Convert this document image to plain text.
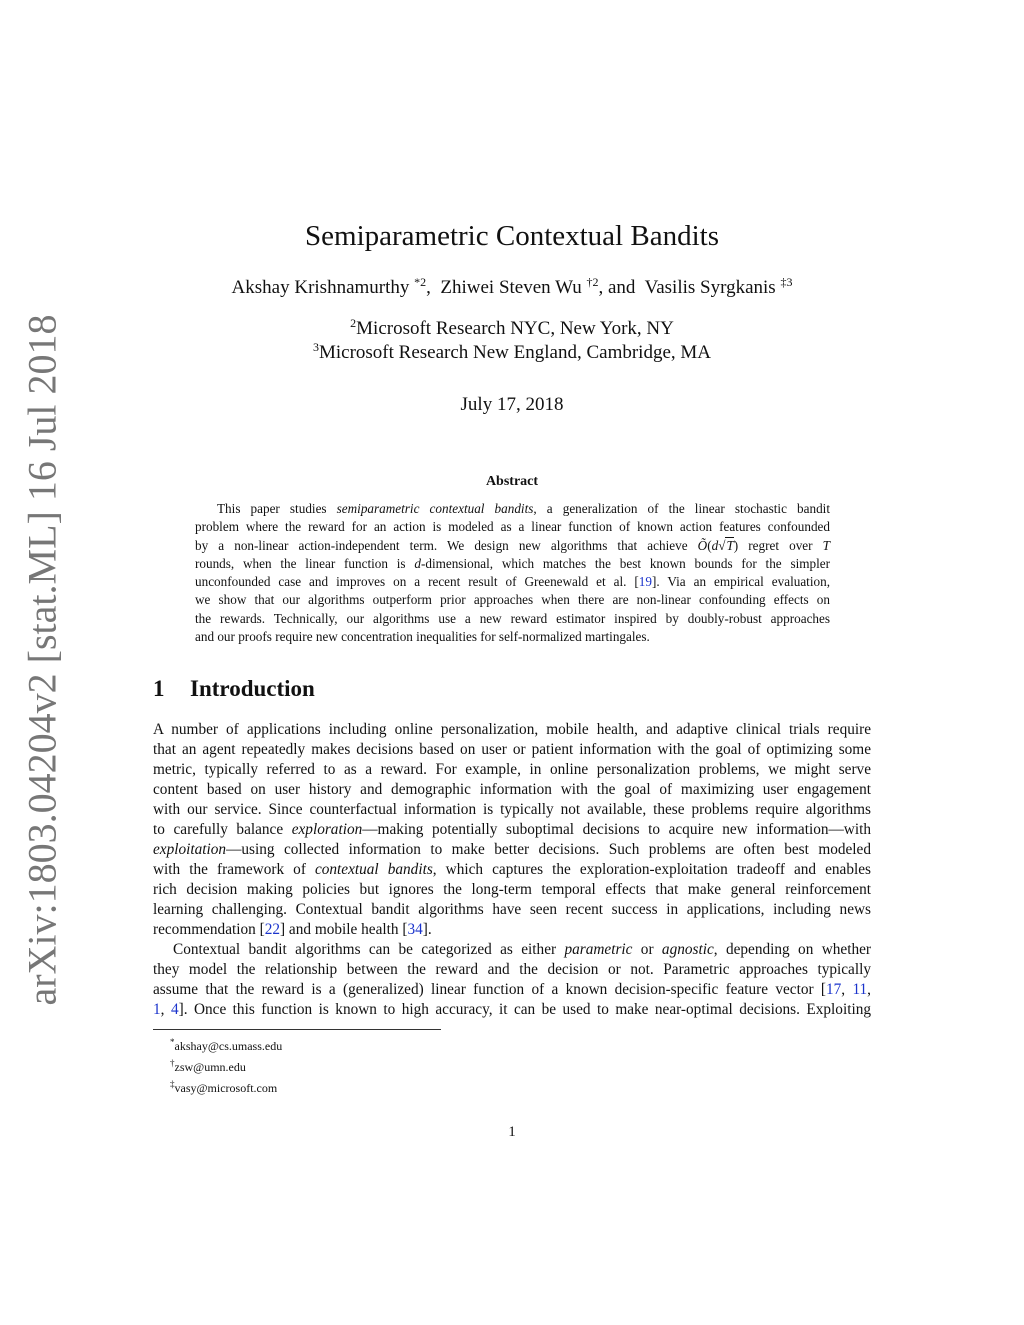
arXiv:1803.04204v2 [stat.ML] 16 Jul 2018
Semiparametric Contextual Bandits
Akshay Krishnamurthy $^{*2}$, Zhiwei Steven Wu $^{\dagger 2}$, and Vasilis Syrgkanis $^{\ddagger 3}$
$^2$Microsoft Research NYC, New York, NY
$^3$Microsoft Research New England, Cambridge, MA
July 17, 2018
Abstract
This paper studies semiparametric contextual bandits, a generalization of the linear stochastic bandit
problem where the reward for an action is modeled as a linear function of known action features confounded
by a non-linear action-independent term. We design new algorithms that achieve Õ(d√T) regret over T
rounds, when the linear function is d-dimensional, which matches the best known bounds for the simpler
unconfounded case and improves on a recent result of Greenewald et al. [19]. Via an empirical evaluation,
we show that our algorithms outperform prior approaches when there are non-linear confounding effects on
the rewards. Technically, our algorithms use a new reward estimator inspired by doubly-robust approaches
and our proofs require new concentration inequalities for self-normalized martingales.
1 Introduction
A number of applications including online personalization, mobile health, and adaptive clinical trials require
that an agent repeatedly makes decisions based on user or patient information with the goal of optimizing some
metric, typically referred to as a reward. For example, in online personalization problems, we might serve
content based on user history and demographic information with the goal of maximizing user engagement
with our service. Since counterfactual information is typically not available, these problems require algorithms
to carefully balance exploration—making potentially suboptimal decisions to acquire new information—with
exploitation—using collected information to make better decisions. Such problems are often best modeled
with the framework of contextual bandits, which captures the exploration-exploitation tradeoff and enables
rich decision making policies but ignores the long-term temporal effects that make general reinforcement
learning challenging. Contextual bandit algorithms have seen recent success in applications, including news
recommendation [22] and mobile health [34].
Contextual bandit algorithms can be categorized as either parametric or agnostic, depending on whether
they model the relationship between the reward and the decision or not. Parametric approaches typically
assume that the reward is a (generalized) linear function of a known decision-specific feature vector [17, 11,
1, 4]. Once this function is known to high accuracy, it can be used to make near-optimal decisions. Exploiting
*akshay@cs.umass.edu
†zsw@umn.edu
‡vasy@microsoft.com
1
